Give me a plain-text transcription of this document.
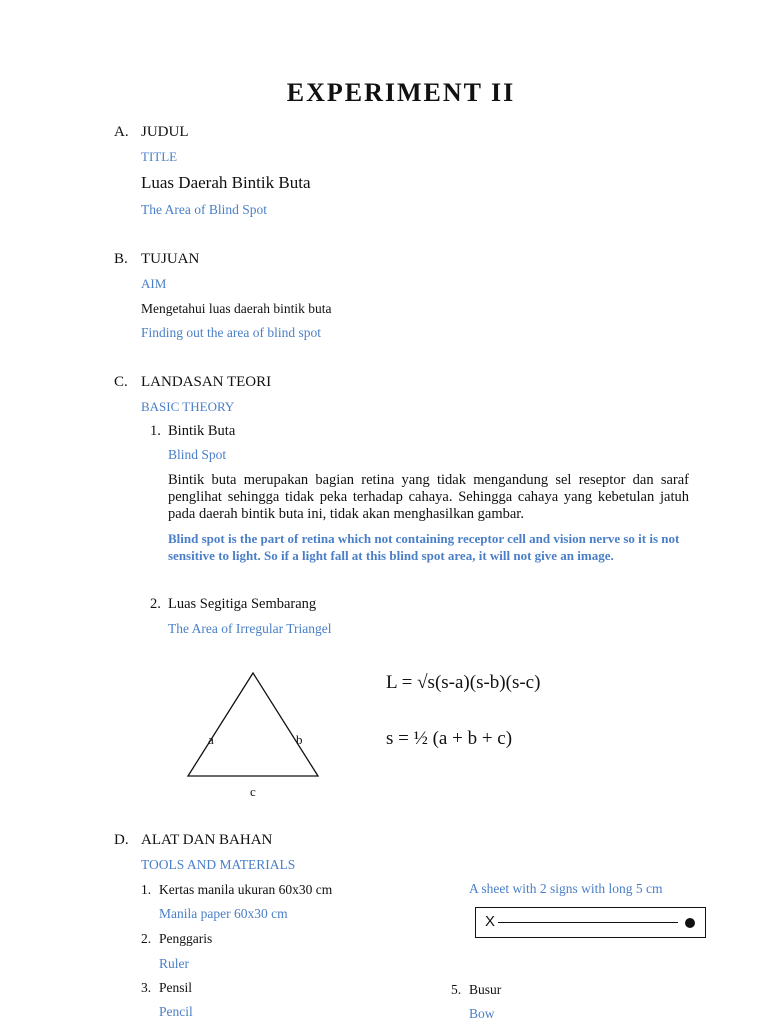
EXPERIMENT II
A. JUDUL
TITLE
Luas Daerah Bintik Buta
The Area of Blind Spot
B. TUJUAN
AIM
Mengetahui luas daerah bintik buta
Finding out the area of blind spot
C. LANDASAN TEORI
BASIC THEORY
1. Bintik Buta
Blind Spot
Bintik buta merupakan bagian retina yang tidak mengandung sel reseptor dan saraf penglihat sehingga tidak peka terhadap cahaya. Sehingga cahaya yang kebetulan jatuh pada daerah bintik buta ini, tidak akan menghasilkan gambar.
Blind spot is the part of retina which not containing receptor cell and vision nerve so it is not sensitive to light. So if a light fall at this blind spot area, it will not give an image.
2. Luas Segitiga Sembarang
The Area of Irregular Triangel
a	b
c
L = √s(s-a)(s-b)(s-c)
s = ½ (a + b + c)
D. ALAT DAN BAHAN
TOOLS AND MATERIALS
1. Kertas manila ukuran 60x30 cm
Manila paper 60x30 cm
2. Penggaris
Ruler
3. Pensil
Pencil
A sheet with 2 signs with long 5 cm
X
5. Busur
Bow
